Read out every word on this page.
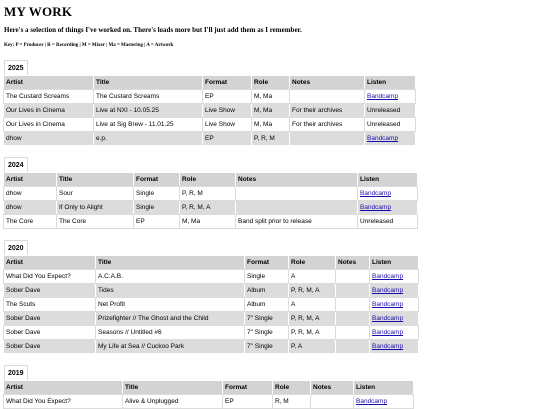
MY WORK

Here's a selection of things I've worked on. There's loads more but I'll just add them as I remember.

Key: P = Producer | R = Recording | M = Mixer | Ma = Mastering | A = Artwork

2025
Artist	Title	Format	Role	Notes	Listen
The Custard Screams	The Custard Screams	EP	M, Ma		Bandcamp
Our Lives in Cinema	Live at NXI - 10.05.25	Live Show	M, Ma	For their archives	Unreleased
Our Lives in Cinema	Live at Sig Brew - 11.01.25	Live Show	M, Ma	For their archives	Unreleased
dhow	e.p.	EP	P, R, M		Bandcamp
2024
Artist	Title	Format	Role	Notes	Listen
dhow	Sour	Single	P, R, M		Bandcamp
dhow	If Only to Alight	Single	P, R, M, A		Bandcamp
The Core	The Core	EP	M, Ma	Band split prior to release	Unreleased
2020
Artist	Title	Format	Role	Notes	Listen
What Did You Expect?	A.C.A.B.	Single	A		Bandcamp
Sober Dave	Tides	Album	P, R, M, A		Bandcamp
The Scuts	Net Profit	Album	A		Bandcamp
Sober Dave	Prizefighter // The Ghost and the Child	7" Single	P, R, M, A		Bandcamp
Sober Dave	Seasons // Untitled #6	7" Single	P, R, M, A		Bandcamp
Sober Dave	My Life at Sea // Cuckoo Park	7" Single	P, A		Bandcamp
2019
Artist	Title	Format	Role	Notes	Listen
What Did You Expect?	Alive & Unplugged	EP	R, M		Bandcamp
